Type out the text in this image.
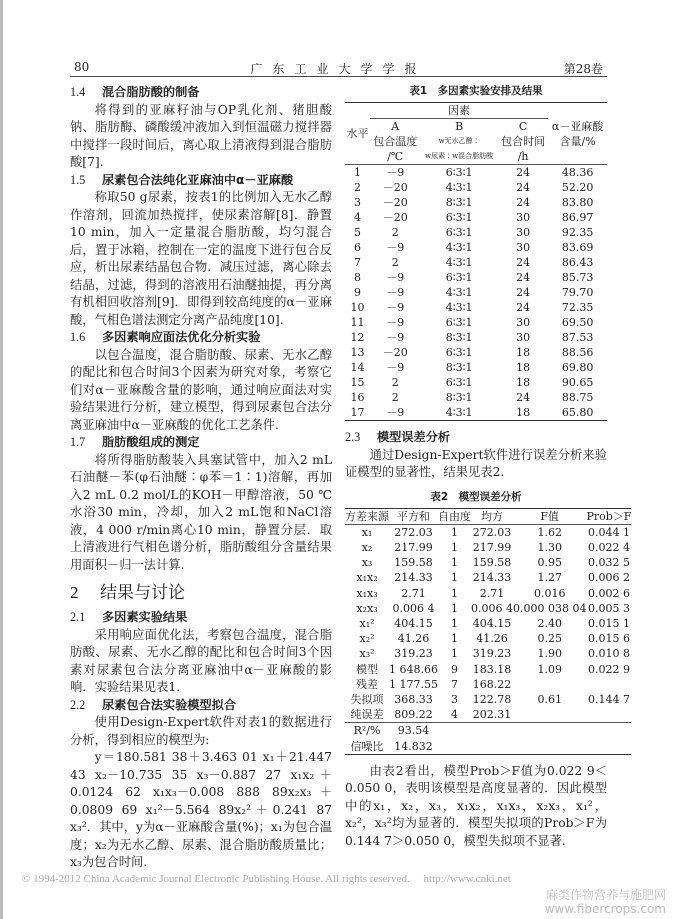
80	广东工业大学学报	第28卷
1.4 混合脂肪酸的制备

将得到的亚麻籽油与OP乳化剂、猪胆酸钠、脂肪酶、磷酸缓冲液加入到恒温磁力搅拌器中搅拌一段时间后，离心取上清液得到混合脂肪酸[7].

1.5 尿素包合法纯化亚麻油中α－亚麻酸

称取50 g尿素，按表1的比例加入无水乙醇作溶剂，回流加热搅拌，使尿素溶解[8]．静置10 min，加入一定量混合脂肪酸，均匀混合后，置于冰箱，控制在一定的温度下进行包合反应，析出尿素结晶包合物．减压过滤，离心除去结晶，过滤，得到的溶液用石油醚抽提，再分离有机相回收溶剂[9]．即得到较高纯度的α－亚麻酸，气相色谱法测定分离产品纯度[10].

1.6 多因素响应面法优化分析实验

以包合温度，混合脂肪酸、尿素、无水乙醇的配比和包合时间3个因素为研究对象，考察它们对α－亚麻酸含量的影响，通过响应面法对实验结果进行分析，建立模型，得到尿素包合法分离亚麻油中α－亚麻酸的优化工艺条件.

1.7 脂肪酸组成的测定

将所得脂肪酸装入具塞试管中，加入2 mL石油醚－苯(φ石油醚∶φ苯＝1∶1)溶解，再加入2 mL 0.2 mol/L的KOH－甲醇溶液，50 ℃水浴30 min，冷却，加入2 mL饱和NaCl溶液，4 000 r/min离心10 min，静置分层．取上清液进行气相色谱分析，脂肪酸组分含量结果用面积－归一法计算.

2 结果与讨论
2.1 多因素实验结果

采用响应面优化法，考察包合温度，混合脂肪酸、尿素、无水乙醇的配比和包合时间3个因素对尿素包合法分离亚麻油中α－亚麻酸的影响．实验结果见表1.

2.2 尿素包合法实验模型拟合

使用Design-Expert软件对表1的数据进行分析，得到相应的模型为:

y＝180.581 38＋3.463 01 x₁＋21.447 43 x₂－10.735 35 x₃－0.887 27 x₁x₂＋0.0124 62 x₁x₃－0.008 888 89x₂x₃＋0.0809 69 x₁²－5.564 89x₂²＋0.241 87 x₃²．其中，y为α－亚麻酸含量(%)；x₁为包合温度；x₂为无水乙醇、尿素、混合脂肪酸质量比；x₃为包合时间.
表1　多因素实验安排及结果
水平	因素			α－亚麻酸
含量/%

	A	B	C	
	包合温度	w无水乙醇∶	包合时间	
	/℃	w尿素∶w混合脂肪酸	/h	
1	－9	6∶3∶1	24	48.36
2	－20	4∶3∶1	24	52.20
3	－20	8∶3∶1	24	83.80
4	－20	6∶3∶1	30	86.97
5	2	6∶3∶1	30	92.35
6	－9	4∶3∶1	30	83.69
7	2	4∶3∶1	24	86.43
8	－9	6∶3∶1	24	85.73
9	－9	4∶3∶1	24	79.70
10	－9	4∶3∶1	24	72.35
11	－9	6∶3∶1	30	69.50
12	－9	8∶3∶1	30	87.53
13	－20	6∶3∶1	18	88.56
14	－9	8∶3∶1	18	69.80
15	2	6∶3∶1	18	90.65
16	2	8∶3∶1	24	88.75
17	－9	4∶3∶1	18	65.80
2.3 模型误差分析

通过Design-Expert软件进行误差分析来验证模型的显著性，结果见表2.

表2　模型误差分析
方差来源	平方和	自由度	均方	F值	Prob＞F
x₁	272.03	1	272.03	1.62	0.044 1
x₂	217.99	1	217.99	1.30	0.022 4
x₃	159.58	1	159.58	0.95	0.032 5
x₁x₂	214.33	1	214.33	1.27	0.006 2
x₁x₃	2.71	1	2.71	0.016	0.002 6
x₂x₃	0.006 4	1	0.006 4	0.000 038 04	0.005 3
x₁²	404.15	1	404.15	2.40	0.015 1
x₂²	41.26	1	41.26	0.25	0.015 6
x₃²	319.23	1	319.23	1.90	0.010 8
模型	1 648.66	9	183.18	1.09	0.022 9
残差	1 177.55	7	168.22		
失拟项	368.33	3	122.78	0.61	0.144 7
纯误差	809.22	4	202.31		
R²/%	93.54				
信噪比	14.832				

由表2看出，模型Prob＞F值为0.022 9＜0.050 0，表明该模型是高度显著的．因此模型中的x₁，x₂，x₃，x₁x₂，x₁x₃，x₂x₃，x₁²，x₂²，x₃²均为显著的．模型失拟项的Prob＞F为0.144 7＞0.050 0，模型失拟项不显著.

© 1994-2012 China Academic Journal Electronic Publishing House. All rights reserved.　 http://www.cnki.net
麻类作物营养与施肥网
www.fibercrops.com
